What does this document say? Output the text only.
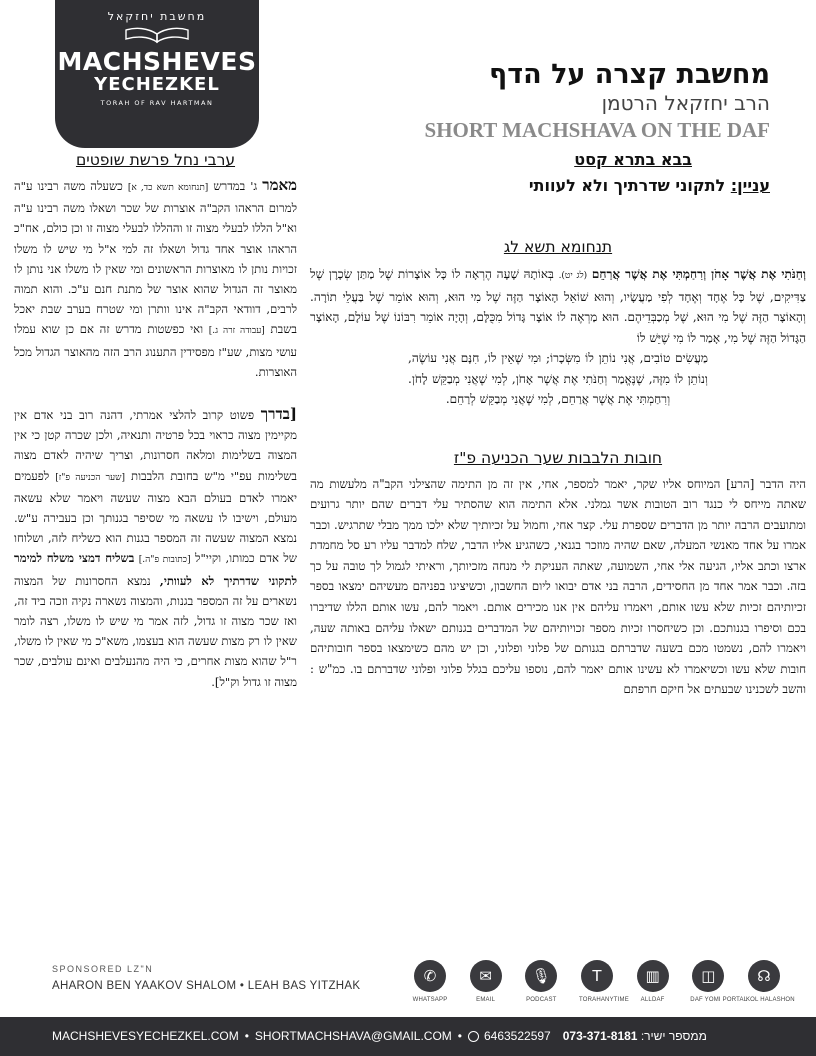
מחשבת יחזקאל
MACHSHEVES
YECHEZKEL
TORAH OF RAV HARTMAN
מחשבת קצרה על הדף
הרב יחזקאל הרטמן
SHORT MACHSHAVA ON THE DAF
בבא בתרא קסט
עניין: לתקוני שדרתיך ולא לעוותי
ערבי נחל פרשת שופטים
מאמר ג' במדרש [תנחומא תשא כד, א] כשעלה משה רבינו ע"ה למרום הראהו הקב"ה אוצרות של שכר ושאלו משה רבינו ע"ה וא"ל הללו לבעלי מצוה זו וההללו לבעלי מצוה זו וכן כולם, אח"כ הראהו אוצר אחד גדול ושאלו זה למי א"ל מי שיש לו משלו זכויות נותן לו מאוצרות הראשונים ומי שאין לו משלו אני נותן לו מאוצר זה הגדול שהוא אוצר של מתנת חנם ע"כ. והוא תמוה לרבים, דוודאי הקב"ה אינו וותרן ומי שטרח בערב שבת יאכל בשבת [עבודה זרה ג.] ואי כפשטות מדרש זה אם כן שוא עמלו עושי מצות, שע"ז מפסידין התענוג הרב הזה מהאוצר הגדול מכל האוצרות.
[בדרך פשוט קרוב להלצי אמרתי, דהנה רוב בני אדם אין מקיימין מצוה כראוי בכל פרטיה ותנאיה, ולכן שכרה קטן כי אין המצוה בשלימות ומלאה חסרונות, וצריך שיהיה לאדם מצוה בשלימות עפ"י מ"ש בחובת הלבבות [שער הכניעה פ"ז] לפעמים יאמרו לאדם בעולם הבא מצוה שעשה ויאמר שלא עשאה מעולם, וישיבו לו עשאה מי שסיפר בגנותך וכן בעבירה ע"ש. נמצא המצוה שעשה זה המספר בגנות הוא כשליח לזה, ושלוחו של אדם כמותו, וקיי"ל [כתובות פ"ה.] בשליח דמצי משלח למימר לתקוני שדרתיך לא לעוותי, נמצא החסרונות של המצוה נשארים על זה המספר בגנות, והמצוה נשארה נקיה וזכה ביד זה, ואז שכר מצוה זו גדול, לזה אמר מי שיש לו משלו, רצה לומר שאין לו רק מצות שעשה הוא בעצמו, משא"כ מי שאין לו משלו, ר"ל שהוא מצות אחרים, כי היה מהנעלבים ואינם עולבים, שכר מצוה זו גדול וק"ל].
תנחומא תשא לג
וְחַנֹּתִי אֶת אֲשֶׁר אָחֹן וְרִחַמְתִּי אֶת אֲשֶׁר אֲרַחֵם (לג יט). בְּאוֹתָהּ שָׁעָה הֶרְאָה לוֹ כָּל אוֹצָרוֹת שֶׁל מַתַּן שְׂכָרָן שֶׁל צַדִּיקִים, שֶׁל כָּל אֶחָד וְאֶחָד לְפִי מַעֲשָׂיו, וְהוּא שׁוֹאֵל הָאוֹצָר הַזֶּה שֶׁל מִי הוּא, וְהוּא אוֹמֵר שֶׁל בַּעֲלֵי תוֹרָה. וְהָאוֹצָר הַזֶּה שֶׁל מִי הוּא, שֶׁל מְכַבְּדֵיהֶם. הוּא מַרְאֶה לוֹ אוֹצָר גָּדוֹל מִכֻּלָּם, וְהָיָה אוֹמֵר רִבּוֹנוֹ שֶׁל עוֹלָם, הָאוֹצָר הַגָּדוֹל הַזֶּה שֶׁל מִי, אָמַר לוֹ מִי שֶׁיֵּשׁ לוֹ
מַעֲשִׂים טוֹבִים, אֲנִי נוֹתֵן לוֹ מִשְּׂכָרוֹ; וּמִי שֶׁאֵין לוֹ, חִנָּם אֲנִי עוֹשֶׂה, וְנוֹתֵן לוֹ מִזֶּה, שֶׁנֶּאֱמַר וְחַנֹּתִי אֶת אֲשֶׁר אָחֹן, לְמִי שֶׁאֲנִי מְבַקֵּשׁ לָחֹן. וְרִחַמְתִּי אֶת אֲשֶׁר אֲרַחֵם, לְמִי שֶׁאֲנִי מְבַקֵּשׁ לְרַחֵם.
חובות הלבבות שער הכניעה פ"ז
היה הדבר [הרע] המיוחס אליו שקר, יאמר למספר, אחי, אין זה מן התימה שהצילני הקב"ה מלעשות מה שאתה מייחס לי כנגד רוב הטובות אשר גמלני. אלא התימה הוא שהסתיר עלי דברים שהם יותר גרועים ומתועבים הרבה יותר מן הדברים שספרת עלי. קצר אחי, וחמול על זכיותיך שלא ילכו ממך מבלי שתרגיש. וכבר אמרו על אחד מאנשי המעלה, שאם שהיה מוזכר בגנאי, כשהגיע אליו הדבר, שלח למדבר עליו רע סל מחמדת ארצו וכתב אליו, הגיעה אלי אחי, השמועה, שאתה העניקת לי מנחה מזכיותך, וראיתי לגמול לך טובה על כך בזה. וכבר אמר אחד מן החסידים, הרבה בני אדם יבואו ליום החשבון, וכשיציגו בפניהם מעשיהם ימצאו בספר זכיותיהם זכיות שלא עשו אותם, ויאמרו עליהם אין אנו מכירים אותם. ויאמר להם, עשו אותם הללו שדיברו בכם וסיפרו בגנותכם. וכן כשיחסרו זכיות מספר זכויותיהם של המדברים בגנותם ישאלו עליהם באותה שעה, ויאמרו להם, נשמטו מכם בשעה שדברתם בגנותם של פלוני ופלוני, וכן יש מהם כשימצאו בספר חובותיהם חובות שלא עשו וכשיאמרו לא עשינו אותם יאמר להם, נוספו עליכם בגלל פלוני ופלוני שדברתם בו. כמ"ש : והשב לשכנינו שבעתים אל חיקם חרפתם
SPONSORED LZ"N
AHARON BEN YAAKOV SHALOM • LEAH BAS YITZHAK
✆
WHATSAPP
✉
EMAIL
🎙
PODCAST
T
TORAHANYTIME
▥
ALLDAF
◫
DAF YOMI PORTAL
☊
KOL HALASHON
MACHSHEVESYECHEZKEL.COM • SHORTMACHSHAVA@GMAIL.COM • 6463522597	ממספר ישיר: 073-371-8181
